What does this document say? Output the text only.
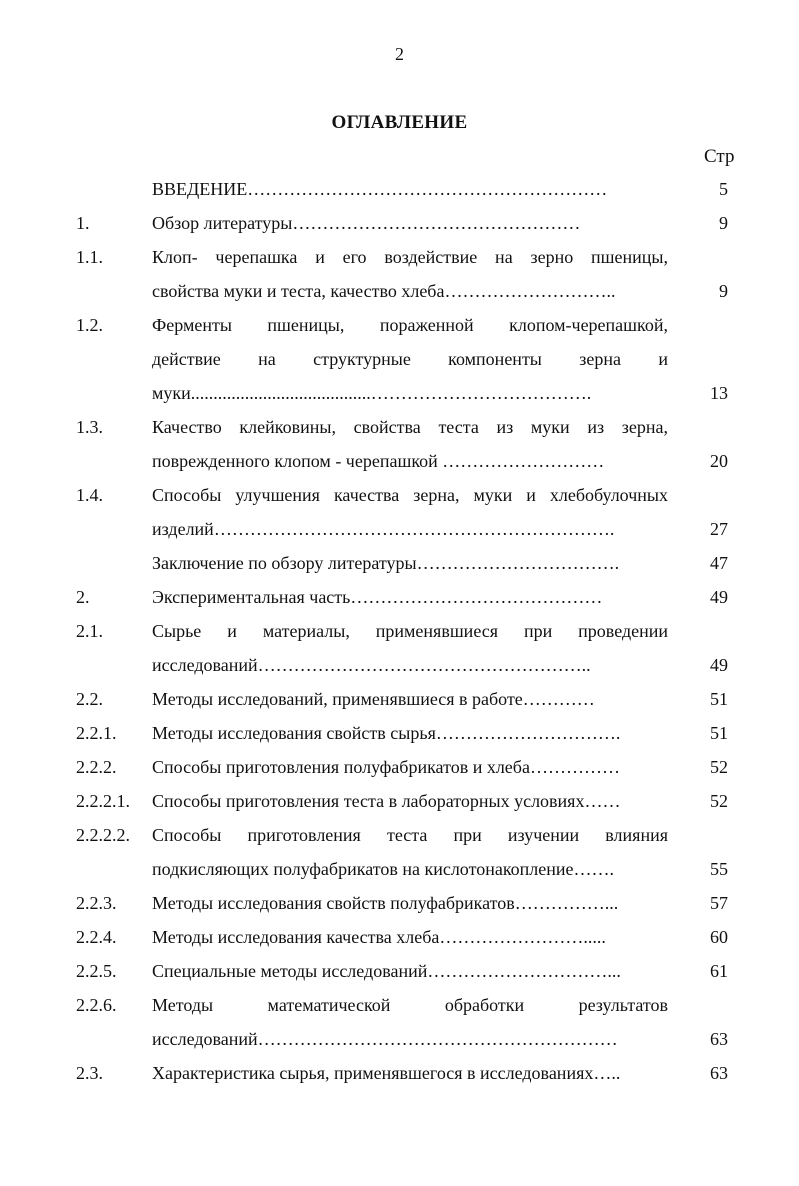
2
ОГЛАВЛЕНИЕ
Стр
ВВЕДЕНИЕ……………………………………………………	5
1.	Обзор литературы…………………………………………	9
1.1.	Клоп- черепашка и его воздействие на зерно пшеницы,
свойства муки и теста, качество хлеба………………………..	9
1.2.	Ферменты пшеницы, пораженной клопом-черепашкой,
действие на структурные компоненты зерна и
муки........................................……………………………….	13
1.3.	Качество клейковины, свойства теста из муки из зерна,
поврежденного клопом - черепашкой ………………………	20
1.4.	Способы улучшения качества зерна, муки и хлебобулочных
изделий………………………………………………………….	27
Заключение по обзору литературы…………………………….	47
2.	Экспериментальная часть……………………………………	49
2.1.	Сырье и материалы, применявшиеся при проведении
исследований………………………………………………..	49
2.2.	Методы исследований, применявшиеся в работе…………	51
2.2.1. Методы исследования свойств сырья………………………….	51
2.2.2. Способы приготовления полуфабрикатов и хлеба……………	52
2.2.2.1. Способы приготовления теста в лабораторных условиях……	52
2.2.2.2. Способы приготовления теста при изучении влияния
подкисляющих полуфабрикатов на кислотонакопление…….	55
2.2.3. Методы исследования свойств полуфабрикатов……………...	57
2.2.4. Методы исследования качества хлеба…………………….....	60
2.2.5. Специальные методы исследований…………………………...	61
2.2.6. Методы математической обработки результатов
исследований……………………………………………………	63
2.3.	Характеристика сырья, применявшегося в исследованиях…..	63
